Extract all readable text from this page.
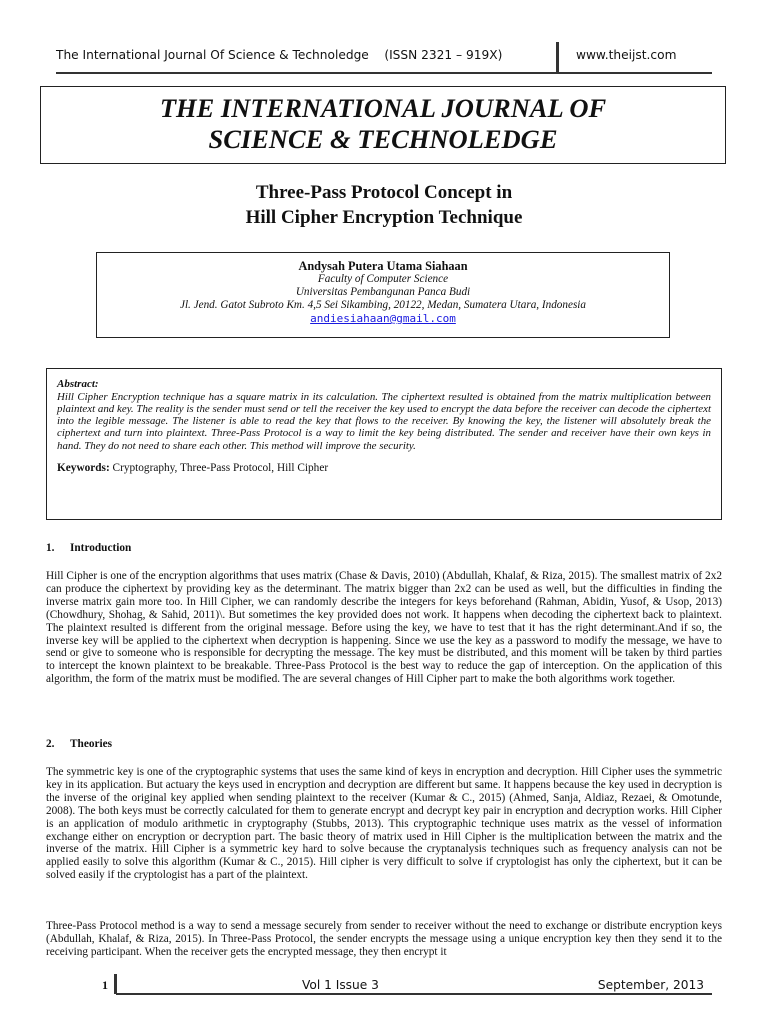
The International Journal Of Science & Technoledge (ISSN 2321 – 919X)	www.theijst.com
THE INTERNATIONAL JOURNAL OF
SCIENCE & TECHNOLEDGE
Three-Pass Protocol Concept in
Hill Cipher Encryption Technique
Andysah Putera Utama Siahaan
Faculty of Computer Science
Universitas Pembangunan Panca Budi
Jl. Jend. Gatot Subroto Km. 4,5 Sei Sikambing, 20122, Medan, Sumatera Utara, Indonesia
andiesiahaan@gmail.com
Abstract:
Hill Cipher Encryption technique has a square matrix in its calculation. The ciphertext resulted is obtained from the matrix multiplication between plaintext and key. The reality is the sender must send or tell the receiver the key used to encrypt the data before the receiver can decode the ciphertext into the legible message. The listener is able to read the key that flows to the receiver. By knowing the key, the listener will absolutely break the ciphertext and turn into plaintext. Three-Pass Protocol is a way to limit the key being distributed. The sender and receiver have their own keys in hand. They do not need to share each other. This method will improve the security.
Keywords: Cryptography, Three-Pass Protocol, Hill Cipher
1. Introduction
Hill Cipher is one of the encryption algorithms that uses matrix (Chase & Davis, 2010) (Abdullah, Khalaf, & Riza, 2015). The smallest matrix of 2x2 can produce the ciphertext by providing key as the determinant. The matrix bigger than 2x2 can be used as well, but the difficulties in finding the inverse matrix gain more too. In Hill Cipher, we can randomly describe the integers for keys beforehand (Rahman, Abidin, Yusof, & Usop, 2013) (Chowdhury, Shohag, & Sahid, 2011)\. But sometimes the key provided does not work. It happens when decoding the ciphertext back to plaintext. The plaintext resulted is different from the original message. Before using the key, we have to test that it has the right determinant.And if so, the inverse key will be applied to the ciphertext when decryption is happening. Since we use the key as a password to modify the message, we have to send or give to someone who is responsible for decrypting the message. The key must be distributed, and this moment will be taken by third parties to intercept the known plaintext to be breakable. Three-Pass Protocol is the best way to reduce the gap of interception. On the application of this algorithm, the form of the matrix must be modified. The are several changes of Hill Cipher part to make the both algorithms work together.
2. Theories
The symmetric key is one of the cryptographic systems that uses the same kind of keys in encryption and decryption. Hill Cipher uses the symmetric key in its application. But actuary the keys used in encryption and decryption are different but same. It happens because the key used in decryption is the inverse of the original key applied when sending plaintext to the receiver (Kumar & C., 2015) (Ahmed, Sanja, Aldiaz, Rezaei, & Omotunde, 2008). The both keys must be correctly calculated for them to generate encrypt and decrypt key pair in encryption and decryption works. Hill Cipher is an application of modulo arithmetic in cryptography (Stubbs, 2013). This cryptographic technique uses matrix as the vessel of information exchange either on encryption or decryption part. The basic theory of matrix used in Hill Cipher is the multiplication between the matrix and the inverse of the matrix. Hill Cipher is a symmetric key hard to solve because the cryptanalysis techniques such as frequency analysis can not be applied easily to solve this algorithm (Kumar & C., 2015). Hill cipher is very difficult to solve if cryptologist has only the ciphertext, but it can be solved easily if the cryptologist has a part of the plaintext.
Three-Pass Protocol method is a way to send a message securely from sender to receiver without the need to exchange or distribute encryption keys (Abdullah, Khalaf, & Riza, 2015). In Three-Pass Protocol, the sender encrypts the message using a unique encryption key then they send it to the receiving participant. When the receiver gets the encrypted message, they then encrypt it
1	Vol 1 Issue 3	September, 2013
